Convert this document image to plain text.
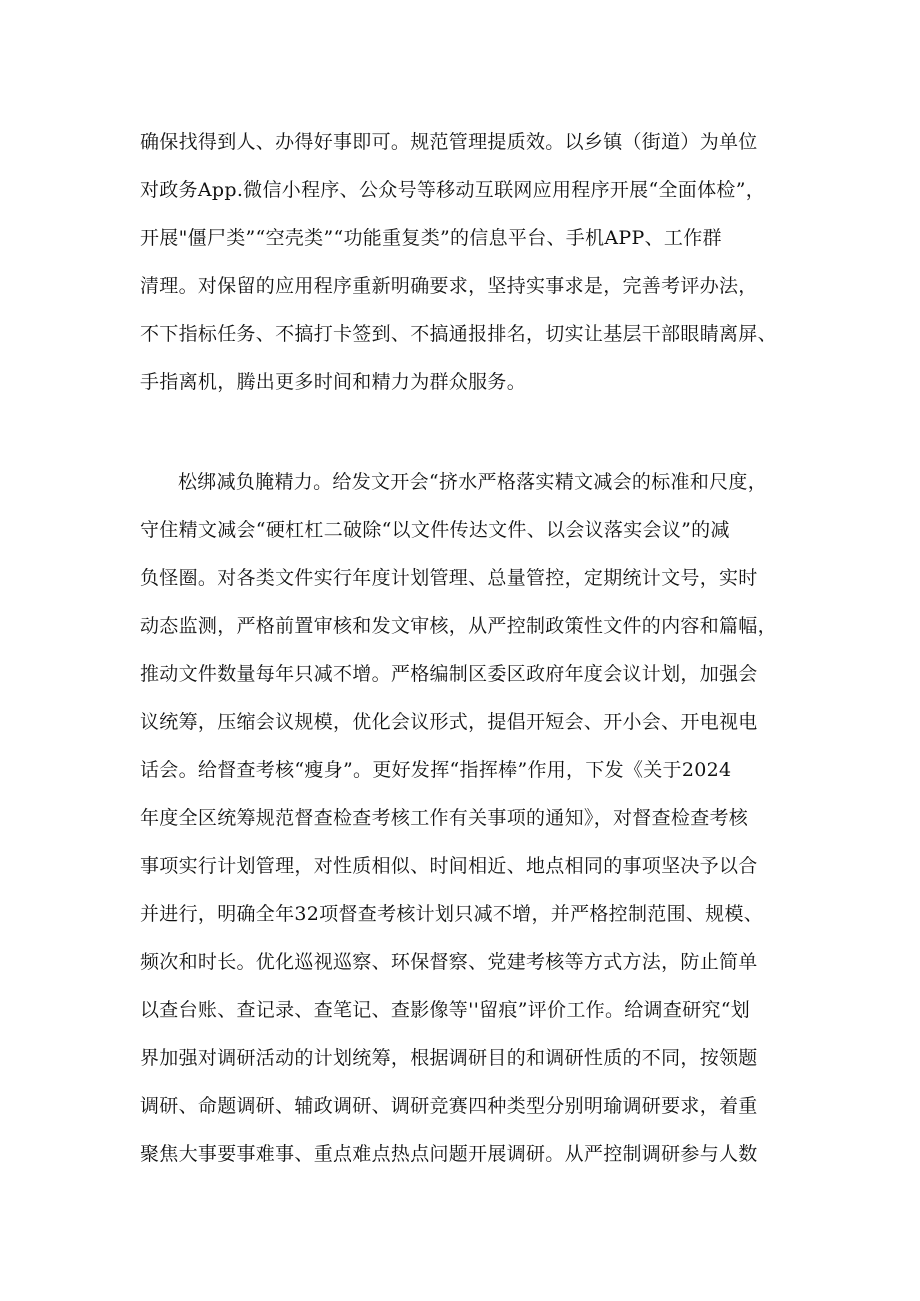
确保找得到人、办得好事即可。规范管理提质效。以乡镇（街道）为单位
对政务App.微信小程序、公众号等移动互联网应用程序开展“全面体检”，
开展"僵尸类”“空壳类”“功能重复类”的信息平台、手机APP、工作群
清理。对保留的应用程序重新明确要求，坚持实事求是，完善考评办法，
不下指标任务、不搞打卡签到、不搞通报排名，切实让基层干部眼睛离屏、
手指离机，腾出更多时间和精力为群众服务。
松绑减负腌精力。给发文开会“挤水严格落实精文减会的标准和尺度，
守住精文减会“硬杠杠二破除“以文件传达文件、以会议落实会议”的减
负怪圈。对各类文件实行年度计划管理、总量管控，定期统计文号，实时
动态监测，严格前置审核和发文审核，从严控制政策性文件的内容和篇幅，
推动文件数量每年只减不增。严格编制区委区政府年度会议计划，加强会
议统筹，压缩会议规模，优化会议形式，提倡开短会、开小会、开电视电
话会。给督查考核“瘦身”。更好发挥“指挥棒”作用，下发《关于2024
年度全区统筹规范督查检查考核工作有关事项的通知》，对督查检查考核
事项实行计划管理，对性质相似、时间相近、地点相同的事项坚决予以合
并进行，明确全年32项督查考核计划只减不增，并严格控制范围、规模、
频次和时长。优化巡视巡察、环保督察、党建考核等方式方法，防止简单
以查台账、查记录、查笔记、查影像等''留痕”评价工作。给调查研究“划
界加强对调研活动的计划统筹，根据调研目的和调研性质的不同，按领题
调研、命题调研、辅政调研、调研竞赛四种类型分别明瑜调研要求，着重
聚焦大事要事难事、重点难点热点问题开展调研。从严控制调研参与人数
